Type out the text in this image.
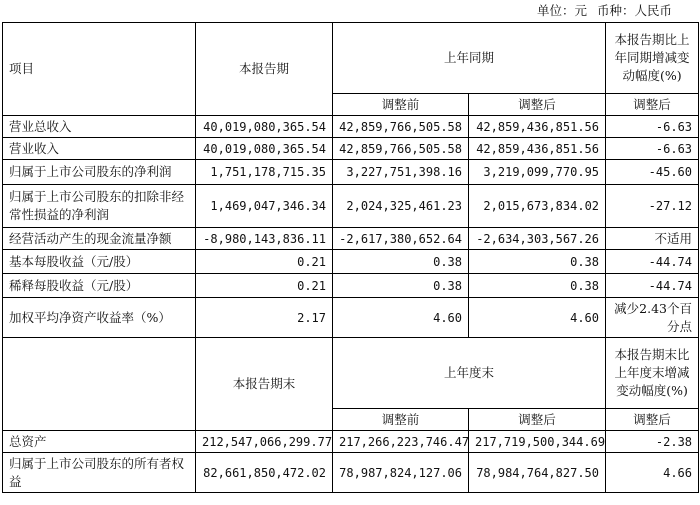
单位：元 币种：人民币
项目	本报告期	上年同期		本报告期比上年同期增减变动幅度(%)
		调整前	调整后	调整后
营业总收入	40,019,080,365.54	42,859,766,505.58	42,859,436,851.56	-6.63
营业收入	40,019,080,365.54	42,859,766,505.58	42,859,436,851.56	-6.63
归属于上市公司股东的净利润	1,751,178,715.35	3,227,751,398.16	3,219,099,770.95	-45.60
归属于上市公司股东的扣除非经常性损益的净利润	1,469,047,346.34	2,024,325,461.23	2,015,673,834.02	-27.12
经营活动产生的现金流量净额	-8,980,143,836.11	-2,617,380,652.64	-2,634,303,567.26	不适用
基本每股收益（元/股）	0.21	0.38	0.38	-44.74
稀释每股收益（元/股）	0.21	0.38	0.38	-44.74
加权平均净资产收益率（%）	2.17	4.60	4.60	减少2.43个百分点
	本报告期末	上年度末		本报告期末比上年度末增减变动幅度(%)
		调整前	调整后	调整后
总资产	212,547,066,299.77	217,266,223,746.47	217,719,500,344.69	-2.38
归属于上市公司股东的所有者权益	82,661,850,472.02	78,987,824,127.06	78,984,764,827.50	4.66
